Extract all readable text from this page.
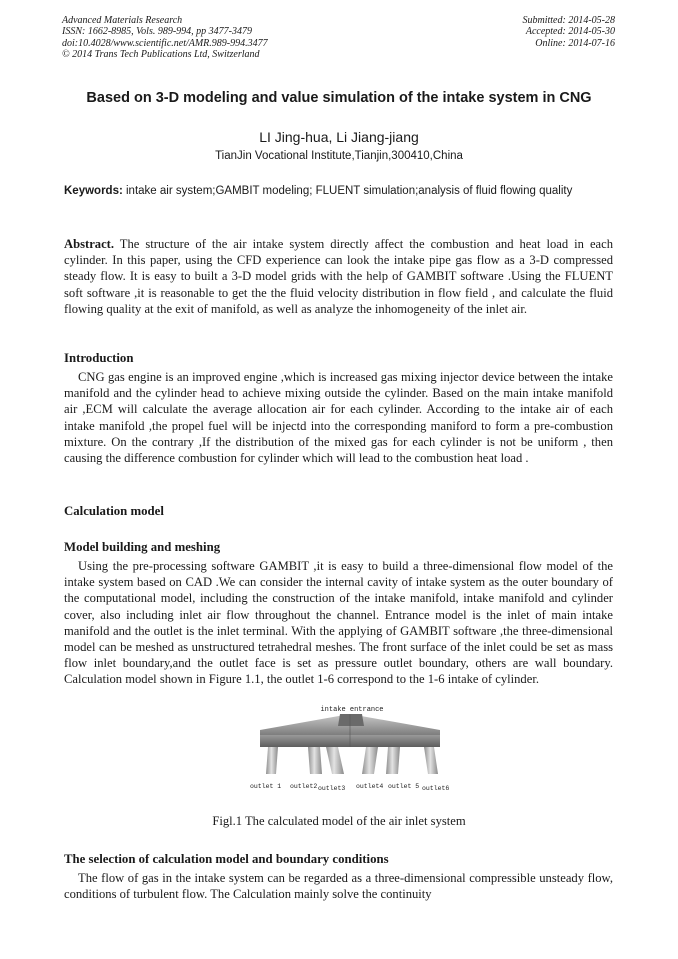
Advanced Materials Research
ISSN: 1662-8985, Vols. 989-994, pp 3477-3479
doi:10.4028/www.scientific.net/AMR.989-994.3477
© 2014 Trans Tech Publications Ltd, Switzerland
Submitted: 2014-05-28
Accepted: 2014-05-30
Online: 2014-07-16
Based on 3-D modeling and value simulation of the intake system in CNG
LI Jing-hua, Li Jiang-jiang
TianJin Vocational Institute,Tianjin,300410,China
Keywords: intake air system;GAMBIT modeling; FLUENT simulation;analysis of fluid flowing quality

Abstract. The structure of the air intake system directly affect the combustion and heat load in each cylinder. In this paper, using the CFD experience can look the intake pipe gas flow as a 3-D compressed steady flow. It is easy to built a 3-D model grids with the help of GAMBIT software .Using the FLUENT soft software ,it is reasonable to get the the fluid velocity distribution in flow field , and calculate the fluid flowing quality at the exit of manifold, as well as analyze the inhomogeneity of the inlet air.

Introduction

CNG gas engine is an improved engine ,which is increased gas mixing injector device between the intake manifold and the cylinder head to achieve mixing outside the cylinder. Based on the main intake manifold air ,ECM will calculate the average allocation air for each cylinder. According to the intake air of each intake manifold ,the propel fuel will be injectd into the corresponding maniford to form a pre-combustion mixture. On the contrary ,If the distribution of the mixed gas for each cylinder is not be uniform , then causing the difference combustion for cylinder which will lead to the combustion heat load .

Calculation model
Model building and meshing

Using the pre-processing software GAMBIT ,it is easy to build a three-dimensional flow model of the intake system based on CAD .We can consider the internal cavity of intake system as the outer boundary of the computational model, including the construction of the intake manifold, intake manifold and cylinder cover, also including inlet air flow throughout the channel. Entrance model is the inlet of main intake manifold and the outlet is the inlet terminal. With the applying of GAMBIT software ,the three-dimensional model can be meshed as unstructured tetrahedral meshes. The front surface of the inlet could be set as mass flow inlet boundary,and the outlet face is set as pressure outlet boundary, others are wall boundary. Calculation model shown in Figure 1.1, the outlet 1-6 correspond to the 1-6 intake of cylinder.

intake entrance
outlet 1 outlet2 outlet3 outlet4 outlet 5 outlet6
Figl.1 The calculated model of the air inlet system
The selection of calculation model and boundary conditions

The flow of gas in the intake system can be regarded as a three-dimensional compressible unsteady flow, conditions of turbulent flow. The Calculation mainly solve the continuity
